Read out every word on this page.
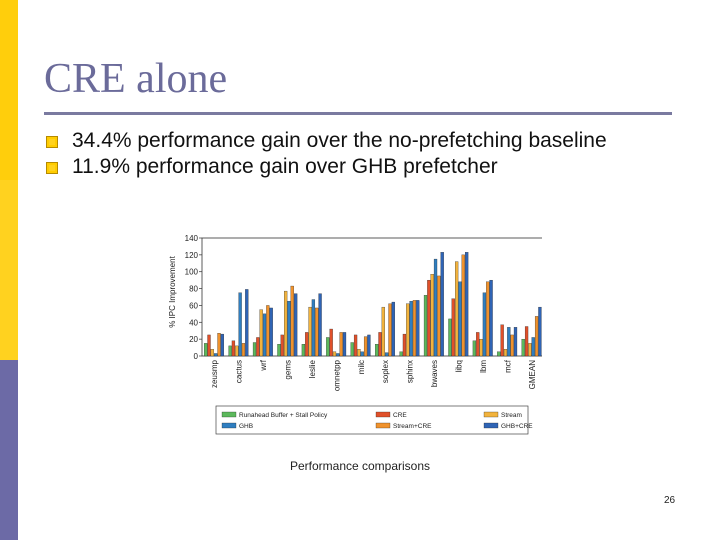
CRE alone
34.4% performance gain over the no-prefetching baseline
11.9% performance gain over GHB prefetcher
% IPC Improvement
0
20
40
60
80
100
120
140
zeusmp cactus wrf gems leslie omnetpp milc soplex sphinx bwaves libq lbm mcf GMEAN
Runahead Buffer + Stall Policy	CRE	Stream
GHB	Stream+CRE	GHB+CRE
Performance comparisons
26
